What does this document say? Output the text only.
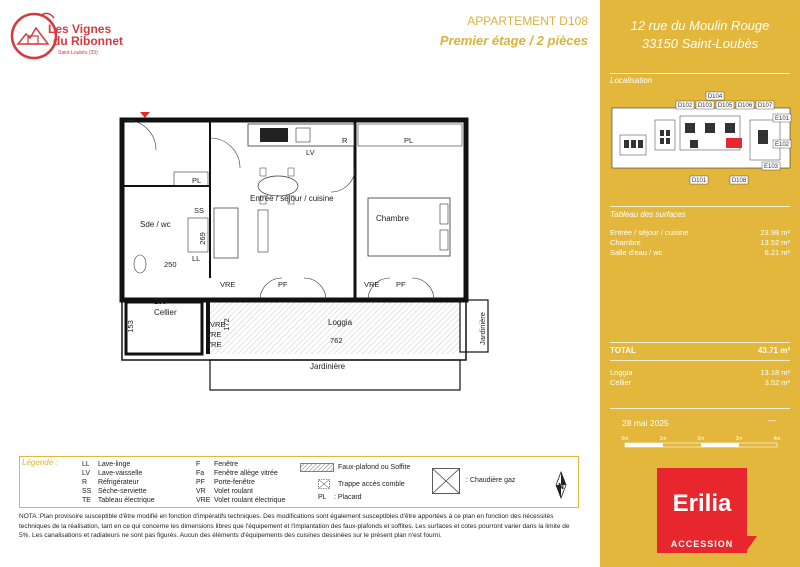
Les Vignes
du Ribonnet
Saint-Loubès (33)
APPARTEMENT D108
Premier étage / 2 pièces
12 rue du Moulin Rouge
33150 Saint-Loubès
Localisation
D104
D102 D103 D105 D106 D107
D101	D108
E101
E102
E103
Tableau des surfaces
Entrée / séjour / cuisine	23.98 m²
Chambre	13.52 m²
Salle d'eau / wc	6.21 m²
TOTAL	43.71 m²
Loggia	13.18 m²
Cellier	3.52 m²
28 mai 2025	—
0m	1m	2m	3m	4m
Erilia
ACCESSION
Entrée / séjour / cuisine
Chambre
Sde / wc
Cellier
Loggia
Jardinière
Jardinière
PL
PL
R
LV
SS
LL
PF	PF
VRE	VRE
VRE
VRE
VRE
269
250
230
153	172
762
Légende :	LL Lave-linge
LV Lave-vaisselle
R Réfrigérateur
SS Sèche-serviette
TE Tableau électrique
F Fenêtre
Fa Fenêtre allège vitrée
PF Porte-fenêtre
VR Volet roulant
VRE Volet roulant électrique
Faux-plafond ou Soffite
Trappe accès comble
PL : Placard
: Chaudière gaz
N
NOTA :Plan provisoire susceptible d'être modifié en fonction d'impératifs techniques. Des modifications sont également susceptibles d'être apportées à ce plan en fonction des nécessités techniques de la réalisation, tant en ce qui concerne les dimensions libres que l'équipement et l'implantation des faux-plafonds et soffites. Les surfaces et cotes pourront varier dans la limite de 5%. Les canalisations et radiateurs ne sont pas figurés. Aucun des éléments d'équipements des cuisines dessinées sur le présent plan n'est fourni.
